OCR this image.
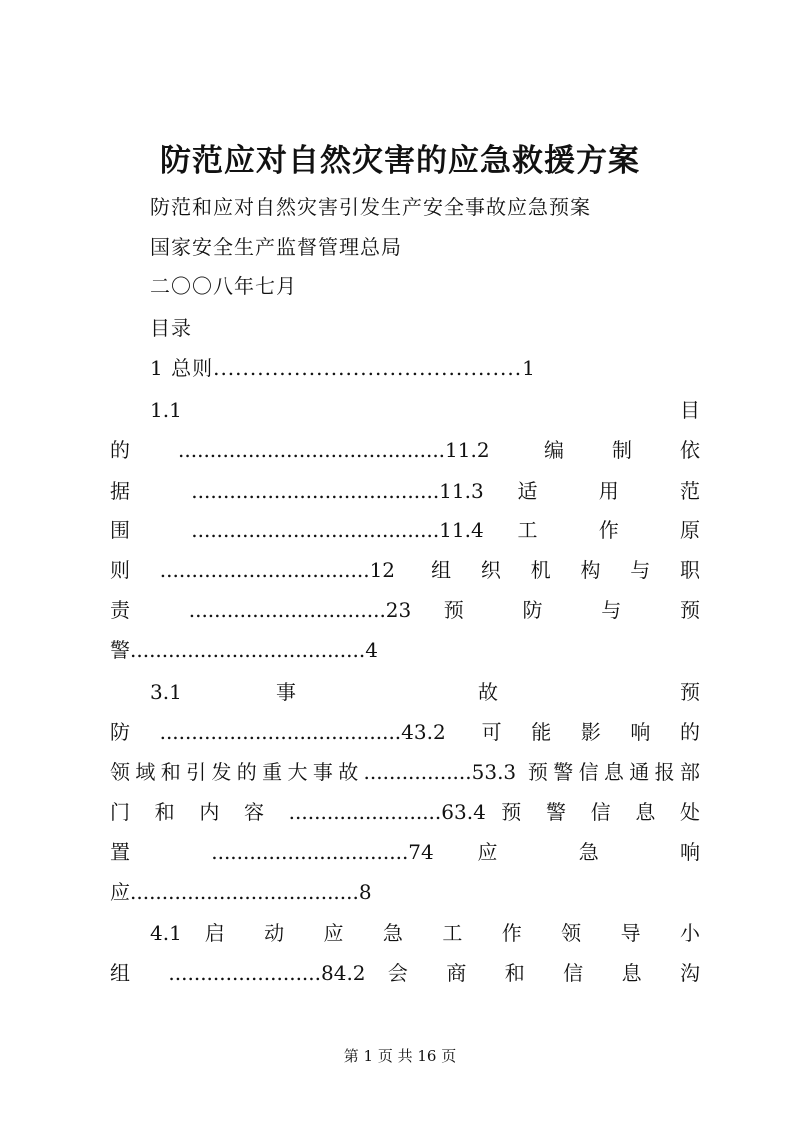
防范应对自然灾害的应急救援方案
防范和应对自然灾害引发生产安全事故应急预案
国家安全生产监督管理总局
二〇〇八年七月
目录
1 总则..........................................1
1.1 目
的..........................................11.2 编制依
据 .......................................11.3 适 用 范
围 .......................................11.4 工 作 原
则.................................12 组织机构与职
责 ...............................23 预 防 与 预
警.....................................4
3.1 事 故 预
防......................................43.2 可能影响的
领域和引发的重大事故.................53.3 预警信息通报部
门 和 内 容 ........................63.4 预 警 信 息 处
置 ...............................74 应 急 响
应....................................8
4.1 启 动 应 急 工 作 领 导 小
组 ........................84.2 会 商 和 信 息 沟
第 1 页 共 16 页
